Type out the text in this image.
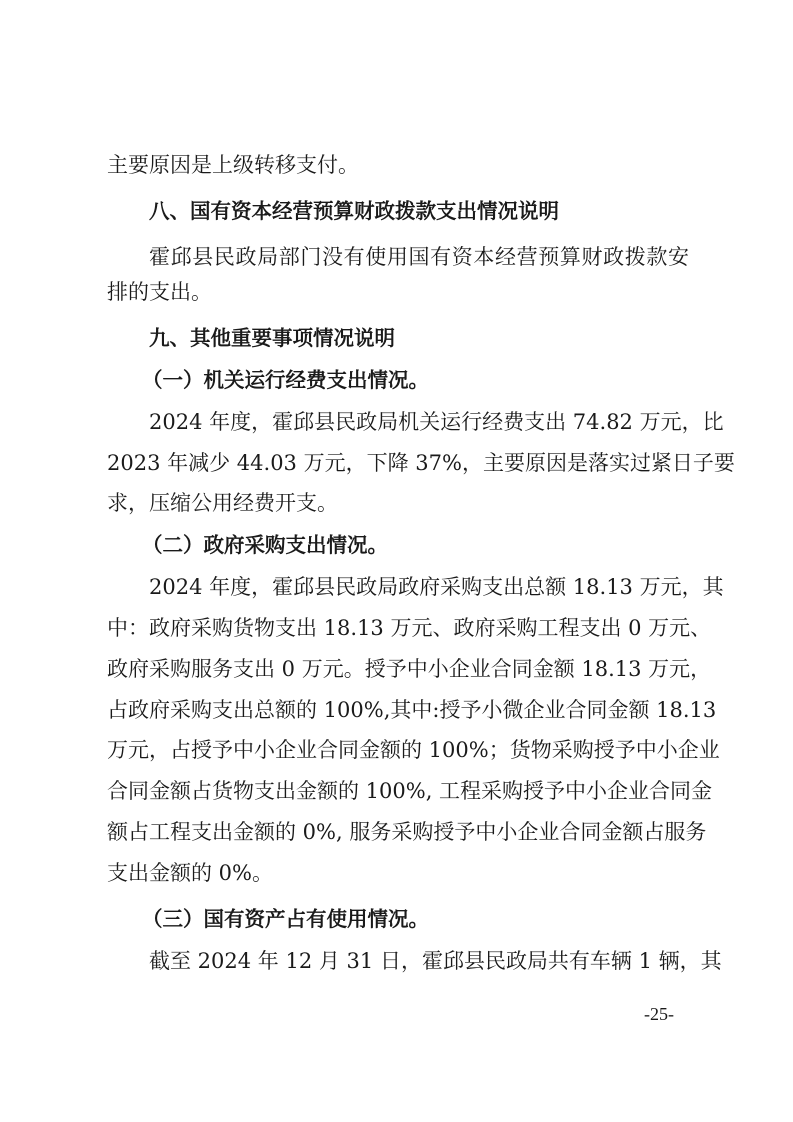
主要原因是上级转移支付。
八、国有资本经营预算财政拨款支出情况说明
霍邱县民政局部门没有使用国有资本经营预算财政拨款安
排的支出。
九、其他重要事项情况说明
（一）机关运行经费支出情况。
2024 年度，霍邱县民政局机关运行经费支出 74.82 万元，比
2023 年减少 44.03 万元，下降 37%，主要原因是落实过紧日子要
求，压缩公用经费开支。
（二）政府采购支出情况。
2024 年度，霍邱县民政局政府采购支出总额 18.13 万元，其
中：政府采购货物支出 18.13 万元、政府采购工程支出 0 万元、
政府采购服务支出 0 万元。授予中小企业合同金额 18.13 万元，
占政府采购支出总额的 100%,其中:授予小微企业合同金额 18.13
万元，占授予中小企业合同金额的 100%；货物采购授予中小企业
合同金额占货物支出金额的 100%, 工程采购授予中小企业合同金
额占工程支出金额的 0%, 服务采购授予中小企业合同金额占服务
支出金额的 0%。
（三）国有资产占有使用情况。
截至 2024 年 12 月 31 日，霍邱县民政局共有车辆 1 辆，其
-25-
